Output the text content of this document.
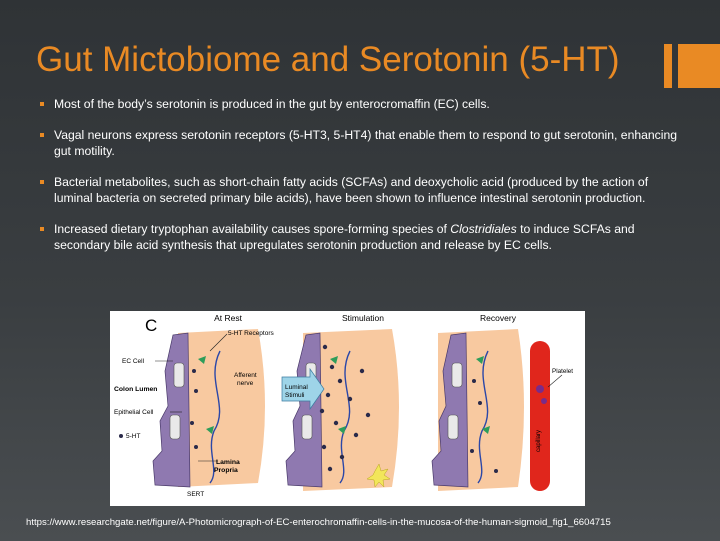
Gut Mictobiome and Serotonin (5-HT)
Most of the body’s serotonin is produced in the gut by enterocromaffin (EC) cells.
Vagal neurons express serotonin receptors (5-HT3, 5-HT4) that enable them to respond to gut serotonin, enhancing gut motility.
Bacterial metabolites, such as short-chain fatty acids (SCFAs) and deoxycholic acid (produced by the action of luminal bacteria on secreted primary bile acids), have been shown to influence intestinal serotonin production.
Increased dietary tryptophan availability causes spore-forming species of Clostridiales to induce SCFAs and secondary bile acid synthesis that upregulates serotonin production and release by EC cells.
C	At Rest	Stimulation	Recovery
5-HT Receptors
EC Cell
Afferent
nerve
Colon Lumen
Epithelial Cell
5-HT
Lamina
Propria
SERT
Luminal
Stimuli
Platelet
capillary
https://www.researchgate.net/figure/A-Photomicrograph-of-EC-enterochromaffin-cells-in-the-mucosa-of-the-human-sigmoid_fig1_6604715
